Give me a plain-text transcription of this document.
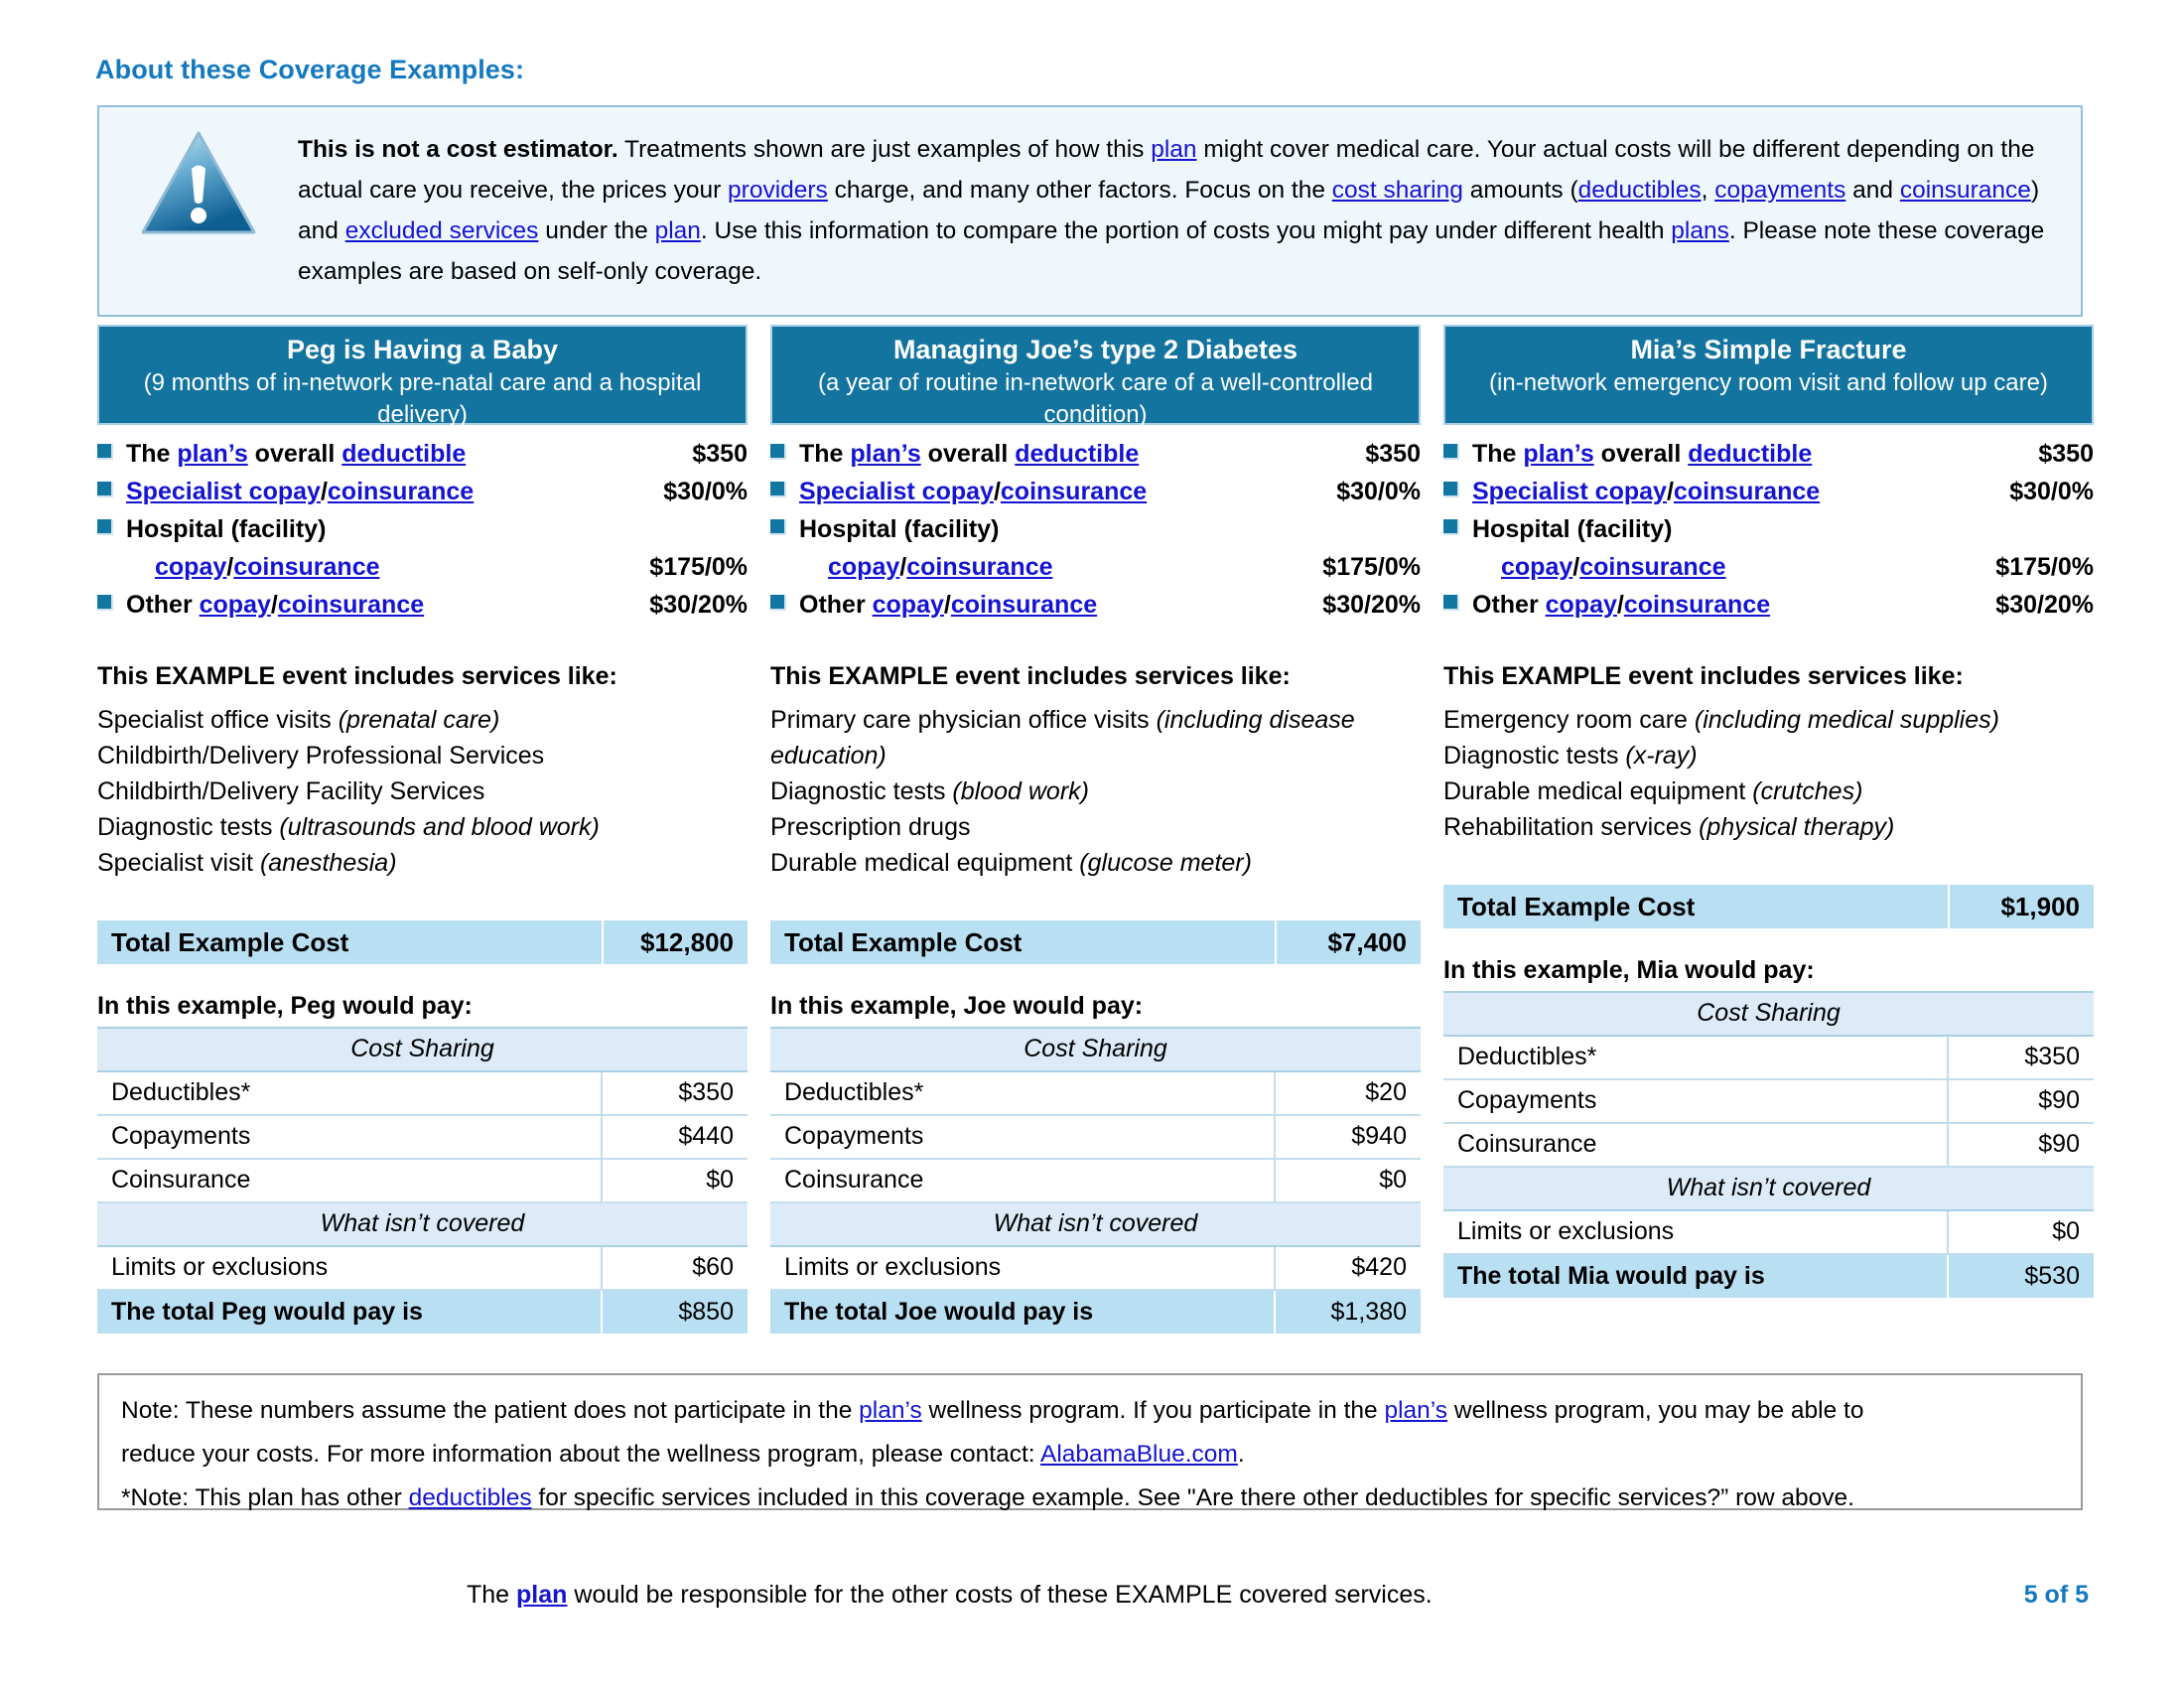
About these Coverage Examples:
This is not a cost estimator. Treatments shown are just examples of how this plan might cover medical care. Your actual costs will be different depending on the actual care you receive, the prices your providers charge, and many other factors. Focus on the cost sharing amounts (deductibles, copayments and coinsurance) and excluded services under the plan. Use this information to compare the portion of costs you might pay under different health plans. Please note these coverage examples are based on self-only coverage.
Peg is Having a Baby
(9 months of in-network pre-natal care and a hospital delivery)
The plan’s overall deductible	$350
Specialist copay/coinsurance	$30/0%
Hospital (facility)
copay/coinsurance	$175/0%
Other copay/coinsurance	$30/20%
This EXAMPLE event includes services like:
Specialist office visits (prenatal care)
Childbirth/Delivery Professional Services
Childbirth/Delivery Facility Services
Diagnostic tests (ultrasounds and blood work)
Specialist visit (anesthesia)
Total Example Cost	$12,800
In this example, Peg would pay:
Cost Sharing	
Deductibles*	$350
Copayments	$440
Coinsurance	$0
What isn’t covered	
Limits or exclusions	$60
The total Peg would pay is	$850
Managing Joe’s type 2 Diabetes
(a year of routine in-network care of a well-controlled condition)
The plan’s overall deductible	$350
Specialist copay/coinsurance	$30/0%
Hospital (facility)
copay/coinsurance	$175/0%
Other copay/coinsurance	$30/20%
This EXAMPLE event includes services like:
Primary care physician office visits (including disease education)
Diagnostic tests (blood work)
Prescription drugs
Durable medical equipment (glucose meter)
Total Example Cost	$7,400
In this example, Joe would pay:
Cost Sharing	
Deductibles*	$20
Copayments	$940
Coinsurance	$0
What isn’t covered	
Limits or exclusions	$420
The total Joe would pay is	$1,380
Mia’s Simple Fracture
(in-network emergency room visit and follow up care)
The plan’s overall deductible	$350
Specialist copay/coinsurance	$30/0%
Hospital (facility)
copay/coinsurance	$175/0%
Other copay/coinsurance	$30/20%
This EXAMPLE event includes services like:
Emergency room care (including medical supplies)
Diagnostic tests (x-ray)
Durable medical equipment (crutches)
Rehabilitation services (physical therapy)
Total Example Cost	$1,900
In this example, Mia would pay:
Cost Sharing	
Deductibles*	$350
Copayments	$90
Coinsurance	$90
What isn’t covered	
Limits or exclusions	$0
The total Mia would pay is	$530
Note: These numbers assume the patient does not participate in the plan’s wellness program. If you participate in the plan’s wellness program, you may be able to
reduce your costs. For more information about the wellness program, please contact: AlabamaBlue.com.
*Note: This plan has other deductibles for specific services included in this coverage example. See "Are there other deductibles for specific services?” row above.
The plan would be responsible for the other costs of these EXAMPLE covered services.	5 of 5
